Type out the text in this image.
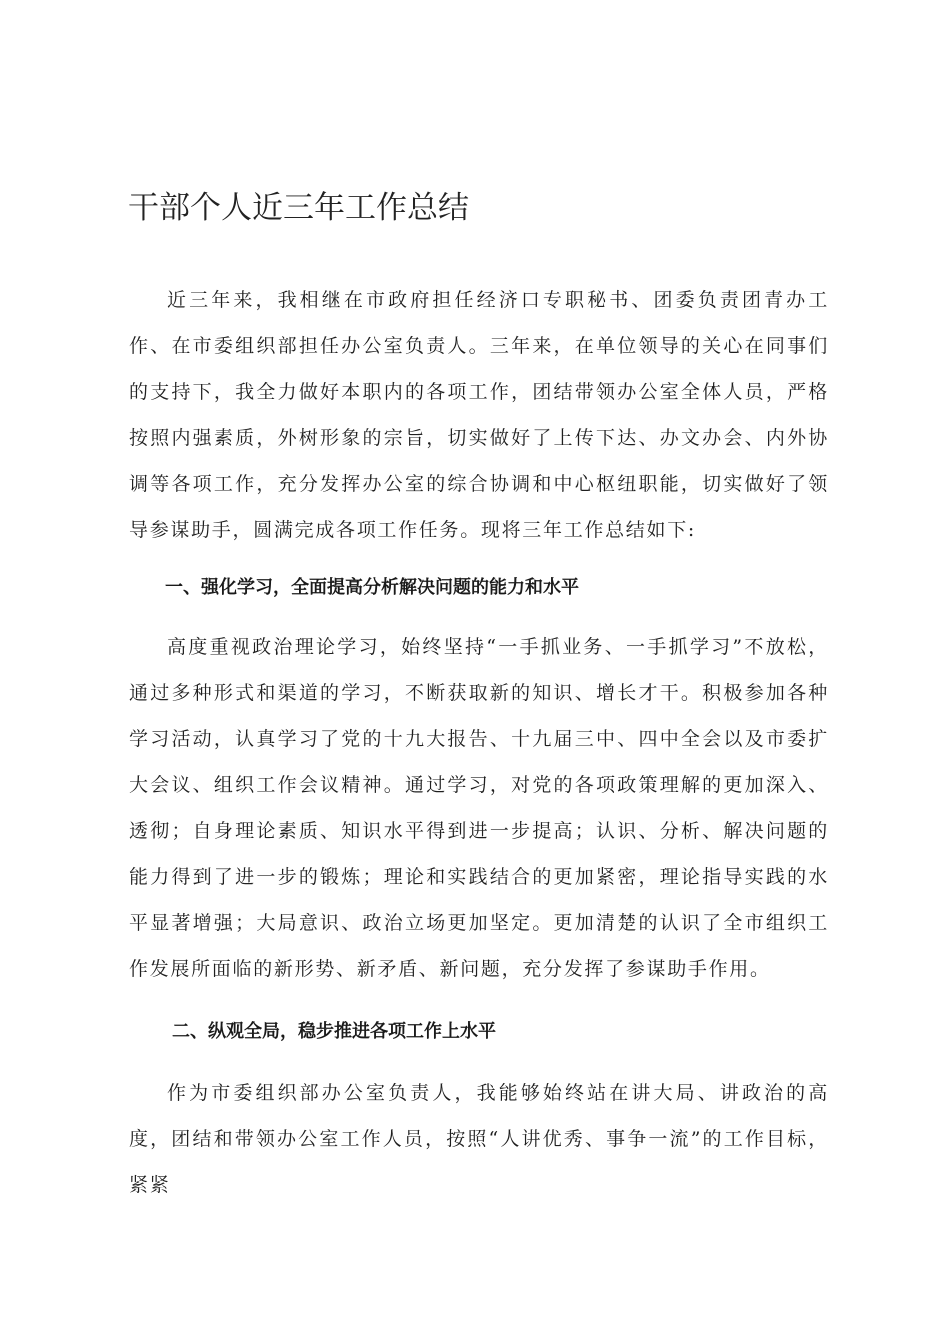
干部个人近三年工作总结

近三年来，我相继在市政府担任经济口专职秘书、团委负责团青办工作、在市委组织部担任办公室负责人。三年来，在单位领导的关心在同事们的支持下，我全力做好本职内的各项工作，团结带领办公室全体人员，严格按照内强素质，外树形象的宗旨，切实做好了上传下达、办文办会、内外协调等各项工作，充分发挥办公室的综合协调和中心枢纽职能，切实做好了领导参谋助手，圆满完成各项工作任务。现将三年工作总结如下:

一、强化学习，全面提高分析解决问题的能力和水平

高度重视政治理论学习，始终坚持“一手抓业务、一手抓学习”不放松，通过多种形式和渠道的学习，不断获取新的知识、增长才干。积极参加各种学习活动，认真学习了党的十九大报告、十九届三中、四中全会以及市委扩大会议、组织工作会议精神。通过学习，对党的各项政策理解的更加深入、透彻；自身理论素质、知识水平得到进一步提高；认识、分析、解决问题的能力得到了进一步的锻炼；理论和实践结合的更加紧密，理论指导实践的水平显著增强；大局意识、政治立场更加坚定。更加清楚的认识了全市组织工作发展所面临的新形势、新矛盾、新问题，充分发挥了参谋助手作用。

二、纵观全局，稳步推进各项工作上水平

作为市委组织部办公室负责人，我能够始终站在讲大局、讲政治的高度，团结和带领办公室工作人员，按照“人讲优秀、事争一流”的工作目标，紧紧
